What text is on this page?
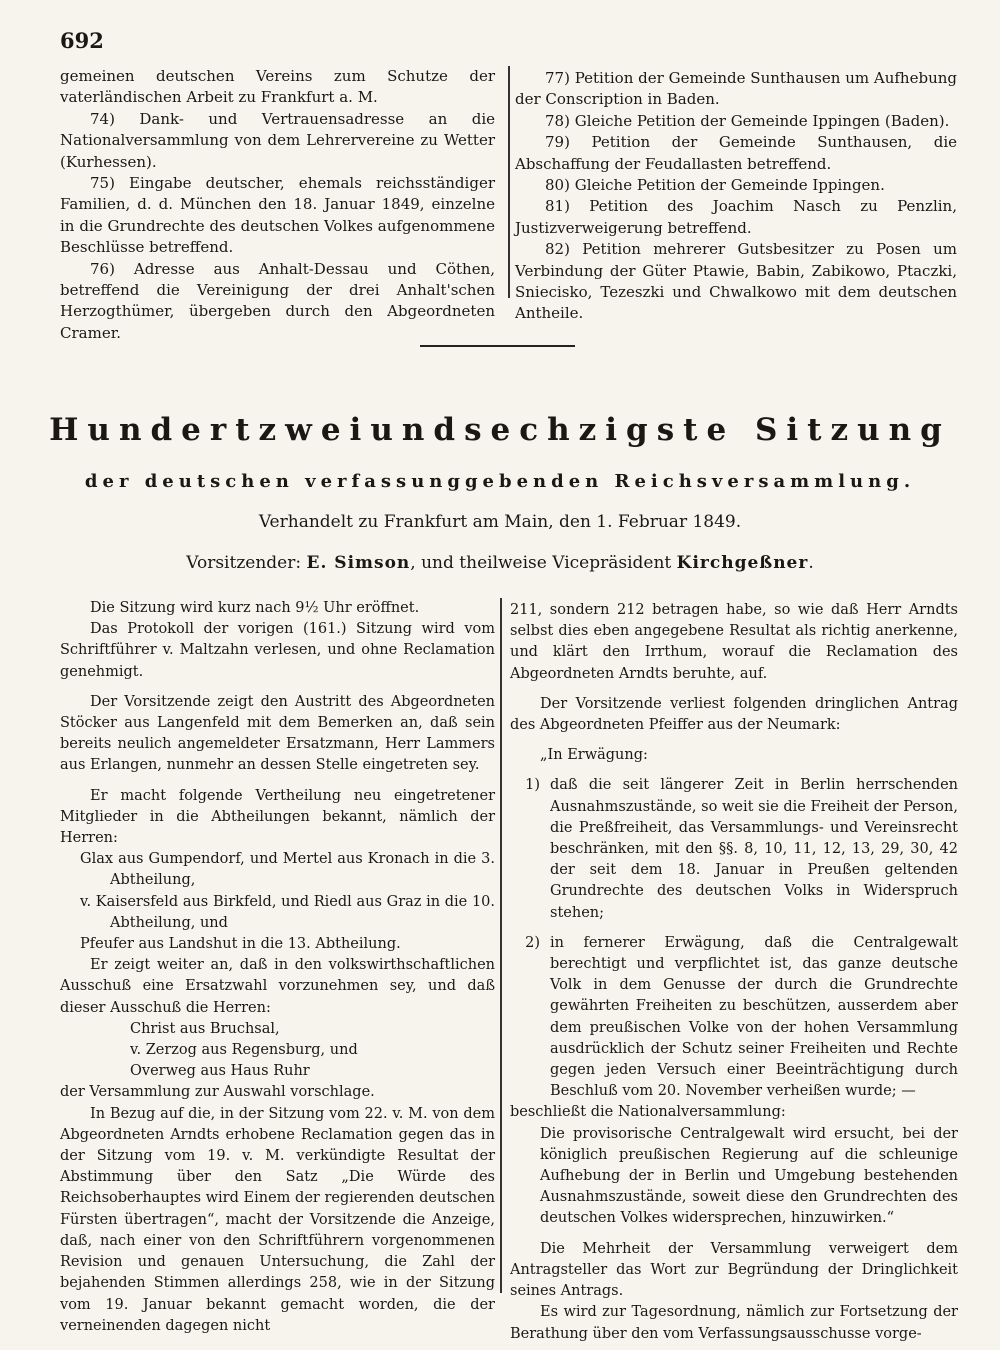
692

gemeinen deutschen Vereins zum Schutze der vaterländischen Arbeit zu Frankfurt a. M.

74) Dank- und Vertrauensadresse an die Nationalversammlung von dem Lehrervereine zu Wetter (Kurhessen).

75) Eingabe deutscher, ehemals reichsständiger Familien, d. d. München den 18. Januar 1849, einzelne in die Grundrechte des deutschen Volkes aufgenommene Beschlüsse betreffend.

76) Adresse aus Anhalt-Dessau und Cöthen, betreffend die Vereinigung der drei Anhalt'schen Herzogthümer, übergeben durch den Abgeordneten Cramer.

77) Petition der Gemeinde Sunthausen um Aufhebung der Conscription in Baden.

78) Gleiche Petition der Gemeinde Ippingen (Baden).

79) Petition der Gemeinde Sunthausen, die Abschaffung der Feudallasten betreffend.

80) Gleiche Petition der Gemeinde Ippingen.

81) Petition des Joachim Nasch zu Penzlin, Justizverweigerung betreffend.

82) Petition mehrerer Gutsbesitzer zu Posen um Verbindung der Güter Ptawie, Babin, Zabikowo, Ptaczki, Sniecisko, Tezeszki und Chwalkowo mit dem deutschen Antheile.

Hundertzweiundsechzigste Sitzung
der deutschen verfassunggebenden Reichsversammlung.
Verhandelt zu Frankfurt am Main, den 1. Februar 1849.
Vorsitzender: E. Simson, und theilweise Vicepräsident Kirchgeßner.

Die Sitzung wird kurz nach 9½ Uhr eröffnet.

Das Protokoll der vorigen (161.) Sitzung wird vom Schriftführer v. Maltzahn verlesen, und ohne Reclamation genehmigt.

Der Vorsitzende zeigt den Austritt des Abgeordneten Stöcker aus Langenfeld mit dem Bemerken an, daß sein bereits neulich angemeldeter Ersatzmann, Herr Lammers aus Erlangen, nunmehr an dessen Stelle eingetreten sey.

Er macht folgende Vertheilung neu eingetretener Mitglieder in die Abtheilungen bekannt, nämlich der Herren:

Glax aus Gumpendorf, und Mertel aus Kronach in die 3. Abtheilung,

v. Kaisersfeld aus Birkfeld, und Riedl aus Graz in die 10. Abtheilung, und

Pfeufer aus Landshut in die 13. Abtheilung.

Er zeigt weiter an, daß in den volkswirthschaftlichen Ausschuß eine Ersatzwahl vorzunehmen sey, und daß dieser Ausschuß die Herren:

Christ aus Bruchsal,

v. Zerzog aus Regensburg, und

Overweg aus Haus Ruhr

der Versammlung zur Auswahl vorschlage.

In Bezug auf die, in der Sitzung vom 22. v. M. von dem Abgeordneten Arndts erhobene Reclamation gegen das in der Sitzung vom 19. v. M. verkündigte Resultat der Abstimmung über den Satz „Die Würde des Reichsoberhauptes wird Einem der regierenden deutschen Fürsten übertragen“, macht der Vorsitzende die Anzeige, daß, nach einer von den Schriftführern vorgenommenen Revision und genauen Untersuchung, die Zahl der bejahenden Stimmen allerdings 258, wie in der Sitzung vom 19. Januar bekannt gemacht worden, die der verneinenden dagegen nicht

211, sondern 212 betragen habe, so wie daß Herr Arndts selbst dies eben angegebene Resultat als richtig anerkenne, und klärt den Irrthum, worauf die Reclamation des Abgeordneten Arndts beruhte, auf.

Der Vorsitzende verliest folgenden dringlichen Antrag des Abgeordneten Pfeiffer aus der Neumark:

„In Erwägung:

1) daß die seit längerer Zeit in Berlin herrschenden Ausnahmszustände, so weit sie die Freiheit der Person, die Preßfreiheit, das Versammlungs- und Vereinsrecht beschränken, mit den §§. 8, 10, 11, 12, 13, 29, 30, 42 der seit dem 18. Januar in Preußen geltenden Grundrechte des deutschen Volks in Widerspruch stehen;
2) in fernerer Erwägung, daß die Centralgewalt berechtigt und verpflichtet ist, das ganze deutsche Volk in dem Genusse der durch die Grundrechte gewährten Freiheiten zu beschützen, ausserdem aber dem preußischen Volke von der hohen Versammlung ausdrücklich der Schutz seiner Freiheiten und Rechte gegen jeden Versuch einer Beeinträchtigung durch Beschluß vom 20. November verheißen wurde; —

beschließt die Nationalversammlung:

Die provisorische Centralgewalt wird ersucht, bei der königlich preußischen Regierung auf die schleunige Aufhebung der in Berlin und Umgebung bestehenden Ausnahmszustände, soweit diese den Grundrechten des deutschen Volkes widersprechen, hinzuwirken.“

Die Mehrheit der Versammlung verweigert dem Antragsteller das Wort zur Begründung der Dringlichkeit seines Antrags.

Es wird zur Tagesordnung, nämlich zur Fortsetzung der Berathung über den vom Verfassungsausschusse vorge-
